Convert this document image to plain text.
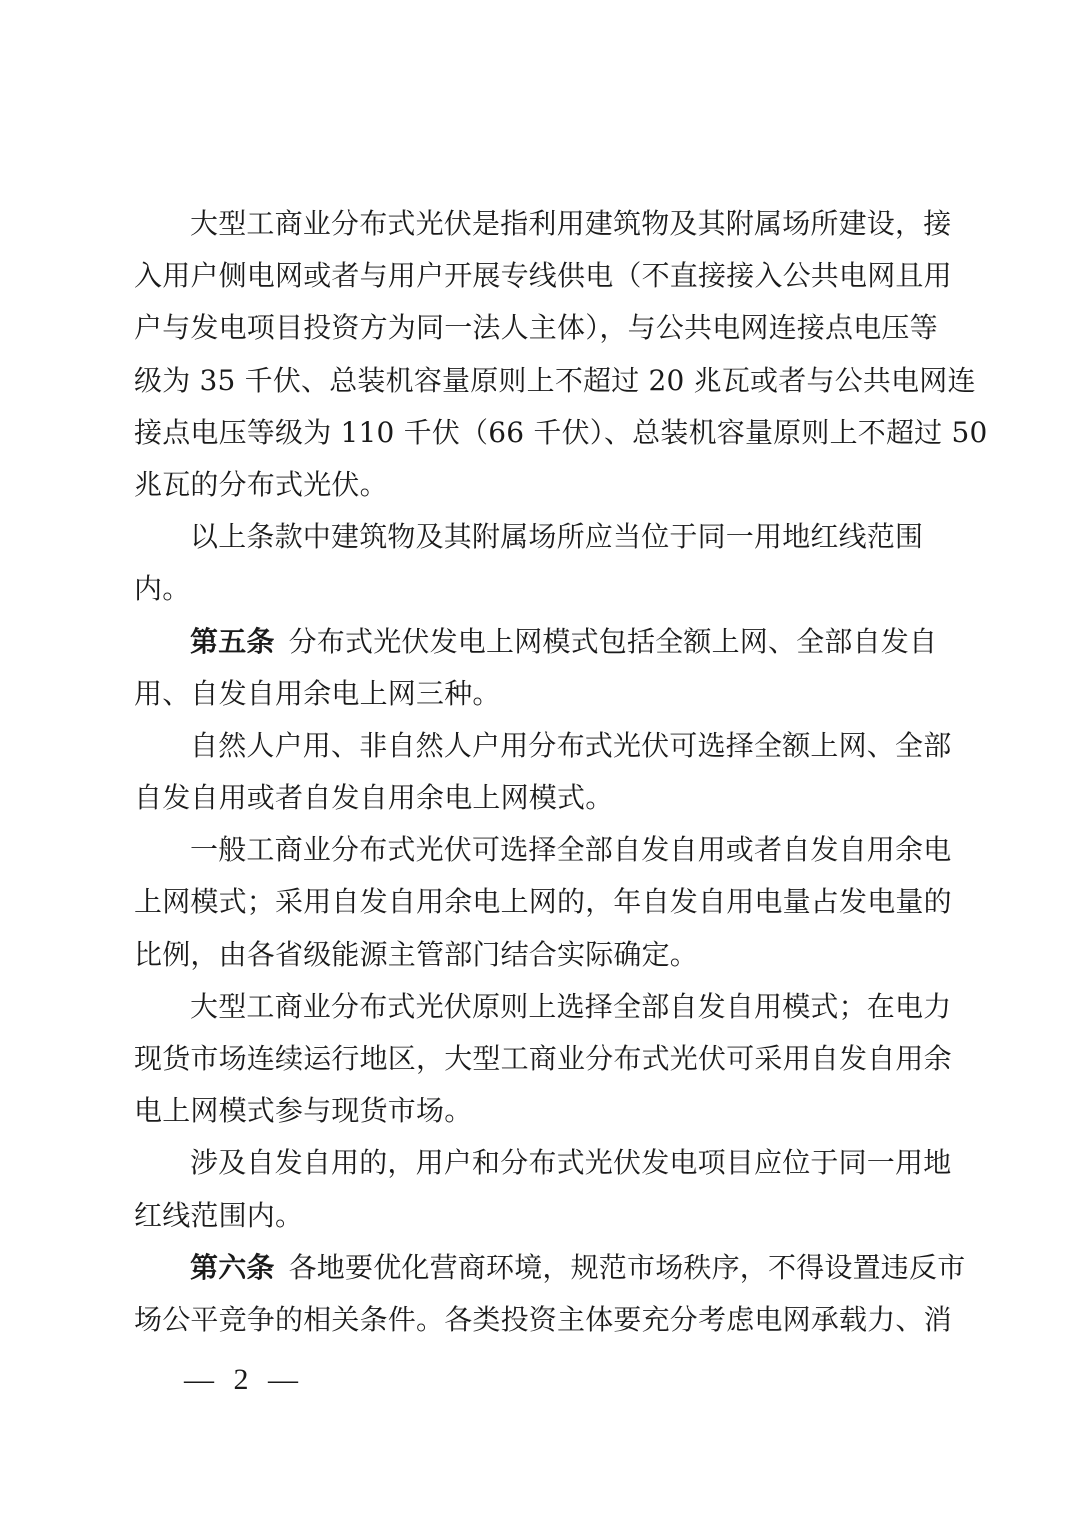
大型工商业分布式光伏是指利用建筑物及其附属场所建设，接
入用户侧电网或者与用户开展专线供电（不直接接入公共电网且用
户与发电项目投资方为同一法人主体），与公共电网连接点电压等
级为 35 千伏、总装机容量原则上不超过 20 兆瓦或者与公共电网连
接点电压等级为 110 千伏（66 千伏）、总装机容量原则上不超过 50
兆瓦的分布式光伏。
以上条款中建筑物及其附属场所应当位于同一用地红线范围
内。
第五条 分布式光伏发电上网模式包括全额上网、全部自发自
用、自发自用余电上网三种。
自然人户用、非自然人户用分布式光伏可选择全额上网、全部
自发自用或者自发自用余电上网模式。
一般工商业分布式光伏可选择全部自发自用或者自发自用余电
上网模式；采用自发自用余电上网的，年自发自用电量占发电量的
比例，由各省级能源主管部门结合实际确定。
大型工商业分布式光伏原则上选择全部自发自用模式；在电力
现货市场连续运行地区，大型工商业分布式光伏可采用自发自用余
电上网模式参与现货市场。
涉及自发自用的，用户和分布式光伏发电项目应位于同一用地
红线范围内。
第六条 各地要优化营商环境，规范市场秩序，不得设置违反市
场公平竞争的相关条件。各类投资主体要充分考虑电网承载力、消
— 2 —
